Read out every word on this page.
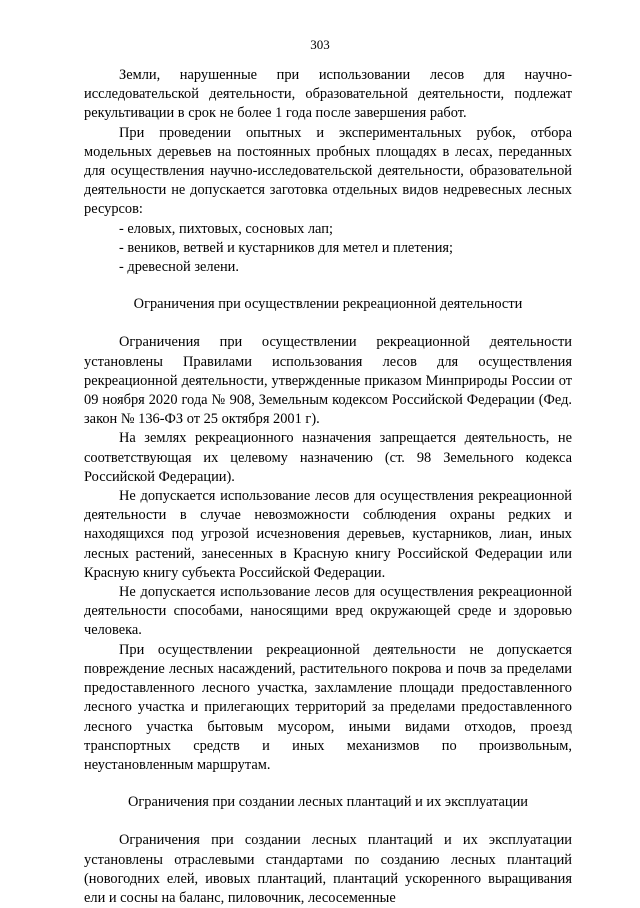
303

Земли, нарушенные при использовании лесов для научно-исследовательской деятельности, образовательной деятельности, подлежат рекультивации в срок не более 1 года после завершения работ.

При проведении опытных и экспериментальных рубок, отбора модельных деревьев на постоянных пробных площадях в лесах, переданных для осуществления научно-исследовательской деятельности, образовательной деятельности не допускается заготовка отдельных видов недревесных лесных ресурсов:

- еловых, пихтовых, сосновых лап;

- веников, ветвей и кустарников для метел и плетения;

- древесной зелени.

Ограничения при осуществлении рекреационной деятельности

Ограничения при осуществлении рекреационной деятельности установлены Правилами использования лесов для осуществления рекреационной деятельности, утвержденные приказом Минприроды России от 09 ноября 2020 года № 908, Земельным кодексом Российской Федерации (Фед. закон № 136-ФЗ от 25 октября 2001 г).

На землях рекреационного назначения запрещается деятельность, не соответствующая их целевому назначению (ст. 98 Земельного кодекса Российской Федерации).

Не допускается использование лесов для осуществления рекреационной деятельности в случае невозможности соблюдения охраны редких и находящихся под угрозой исчезновения деревьев, кустарников, лиан, иных лесных растений, занесенных в Красную книгу Российской Федерации или Красную книгу субъекта Российской Федерации.

Не допускается использование лесов для осуществления рекреационной деятельности способами, наносящими вред окружающей среде и здоровью человека.

При осуществлении рекреационной деятельности не допускается повреждение лесных насаждений, растительного покрова и почв за пределами предоставленного лесного участка, захламление площади предоставленного лесного участка и прилегающих территорий за пределами предоставленного лесного участка бытовым мусором, иными видами отходов, проезд транспортных средств и иных механизмов по произвольным, неустановленным маршрутам.

Ограничения при создании лесных плантаций и их эксплуатации

Ограничения при создании лесных плантаций и их эксплуатации установлены отраслевыми стандартами по созданию лесных плантаций (новогодних елей, ивовых плантаций, плантаций ускоренного выращивания ели и сосны на баланс, пиловочник, лесосеменные
